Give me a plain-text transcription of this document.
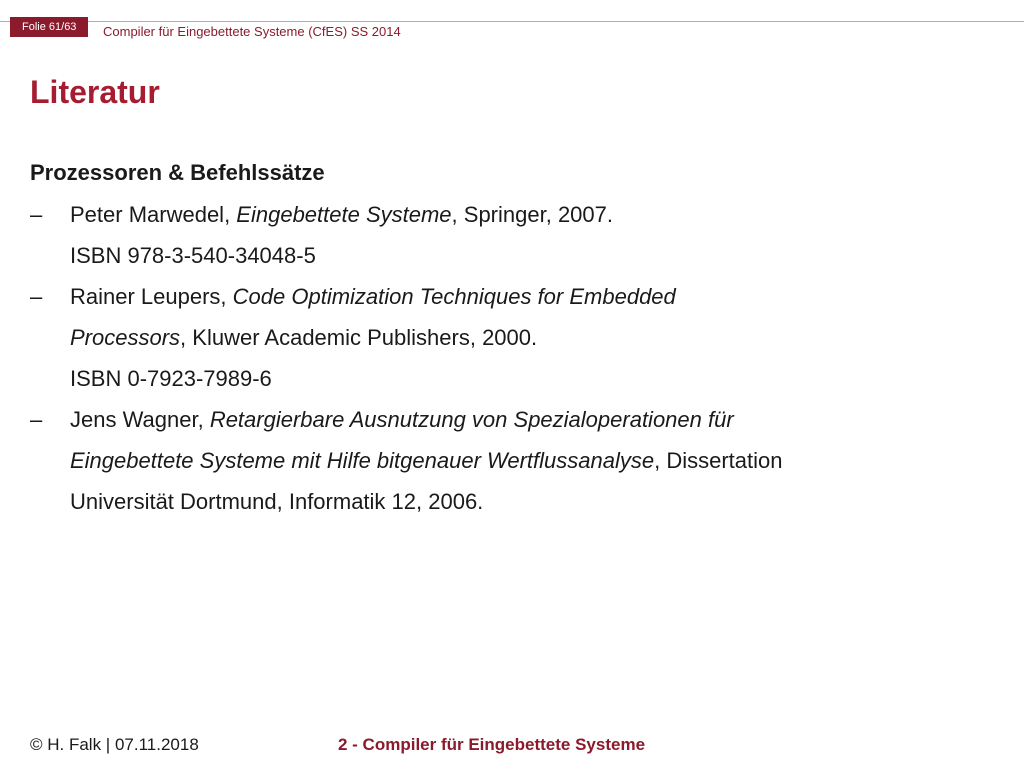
Folie 61/63	Compiler für Eingebettete Systeme (CfES) SS 2014
Literatur
Prozessoren & Befehlssätze
– Peter Marwedel, Eingebettete Systeme, Springer, 2007.
ISBN 978-3-540-34048-5
– Rainer Leupers, Code Optimization Techniques for Embedded
Processors, Kluwer Academic Publishers, 2000.
ISBN 0-7923-7989-6
– Jens Wagner, Retargierbare Ausnutzung von Spezialoperationen für
Eingebettete Systeme mit Hilfe bitgenauer Wertflussanalyse, Dissertation
Universität Dortmund, Informatik 12, 2006.
© H. Falk | 07.11.2018	2 - Compiler für Eingebettete Systeme
